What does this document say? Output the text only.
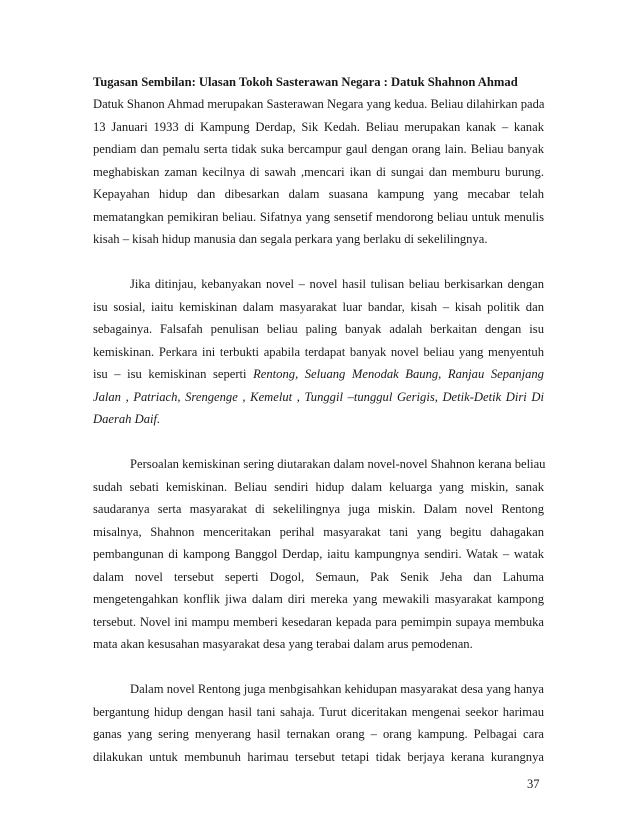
Tugasan Sembilan: Ulasan Tokoh Sasterawan Negara : Datuk Shahnon Ahmad

Datuk Shanon Ahmad merupakan Sasterawan Negara yang kedua. Beliau dilahirkan pada
13 Januari 1933 di Kampung Derdap, Sik Kedah. Beliau merupakan kanak – kanak
pendiam dan pemalu serta tidak suka bercampur gaul dengan orang lain. Beliau banyak
meghabiskan zaman kecilnya di sawah ,mencari ikan di sungai dan memburu burung.
Kepayahan hidup dan dibesarkan dalam suasana kampung yang mecabar telah
mematangkan pemikiran beliau. Sifatnya yang sensetif mendorong beliau untuk menulis
kisah – kisah hidup manusia dan segala perkara yang berlaku di sekelilingnya.
Jika ditinjau, kebanyakan novel – novel hasil tulisan beliau berkisarkan dengan
isu sosial, iaitu kemiskinan dalam masyarakat luar bandar, kisah – kisah politik dan
sebagainya. Falsafah penulisan beliau paling banyak adalah berkaitan dengan isu
kemiskinan. Perkara ini terbukti apabila terdapat banyak novel beliau yang menyentuh
isu – isu kemiskinan seperti Rentong, Seluang Menodak Baung, Ranjau Sepanjang
Jalan , Patriach, Srengenge , Kemelut , Tunggil –tunggul Gerigis, Detik-Detik Diri Di
Daerah Daif.
Persoalan kemiskinan sering diutarakan dalam novel-novel Shahnon kerana beliau
sudah sebati kemiskinan. Beliau sendiri hidup dalam keluarga yang miskin, sanak
saudaranya serta masyarakat di sekelilingnya juga miskin. Dalam novel Rentong
misalnya, Shahnon menceritakan perihal masyarakat tani yang begitu dahagakan
pembangunan di kampong Banggol Derdap, iaitu kampungnya sendiri. Watak – watak
dalam novel tersebut seperti Dogol, Semaun, Pak Senik Jeha dan Lahuma
mengetengahkan konflik jiwa dalam diri mereka yang mewakili masyarakat kampong
tersebut. Novel ini mampu memberi kesedaran kepada para pemimpin supaya membuka
mata akan kesusahan masyarakat desa yang terabai dalam arus pemodenan.
Dalam novel Rentong juga menbgisahkan kehidupan masyarakat desa yang hanya
bergantung hidup dengan hasil tani sahaja. Turut diceritakan mengenai seekor harimau
ganas yang sering menyerang hasil ternakan orang – orang kampung. Pelbagai cara
dilakukan untuk membunuh harimau tersebut tetapi tidak berjaya kerana kurangnya
37
